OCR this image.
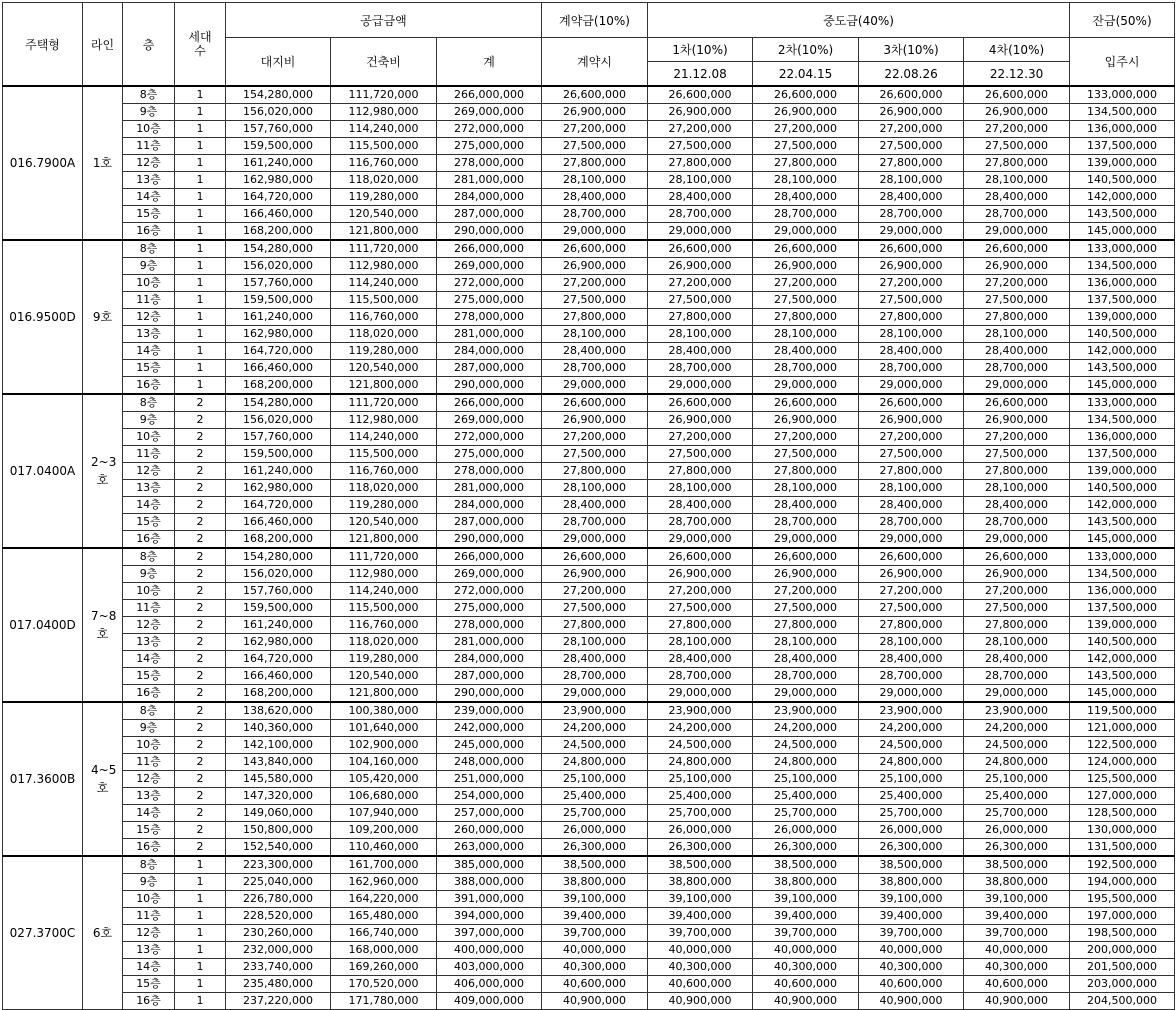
주택형	라인	층	세대수	공급금액			계약금(10%)	중도금(40%)				잔금(50%)
				대지비	건축비	계	계약시	1차(10%)	2차(10%)	3차(10%)	4차(10%)	입주시
								21.12.08	22.04.15	22.08.26	22.12.30	
016.7900A	1호	8층	1	154,280,000	111,720,000	266,000,000	26,600,000	26,600,000	26,600,000	26,600,000	26,600,000	133,000,000
		9층	1	156,020,000	112,980,000	269,000,000	26,900,000	26,900,000	26,900,000	26,900,000	26,900,000	134,500,000
		10층	1	157,760,000	114,240,000	272,000,000	27,200,000	27,200,000	27,200,000	27,200,000	27,200,000	136,000,000
		11층	1	159,500,000	115,500,000	275,000,000	27,500,000	27,500,000	27,500,000	27,500,000	27,500,000	137,500,000
		12층	1	161,240,000	116,760,000	278,000,000	27,800,000	27,800,000	27,800,000	27,800,000	27,800,000	139,000,000
		13층	1	162,980,000	118,020,000	281,000,000	28,100,000	28,100,000	28,100,000	28,100,000	28,100,000	140,500,000
		14층	1	164,720,000	119,280,000	284,000,000	28,400,000	28,400,000	28,400,000	28,400,000	28,400,000	142,000,000
		15층	1	166,460,000	120,540,000	287,000,000	28,700,000	28,700,000	28,700,000	28,700,000	28,700,000	143,500,000
		16층	1	168,200,000	121,800,000	290,000,000	29,000,000	29,000,000	29,000,000	29,000,000	29,000,000	145,000,000
016.9500D	9호	8층	1	154,280,000	111,720,000	266,000,000	26,600,000	26,600,000	26,600,000	26,600,000	26,600,000	133,000,000
		9층	1	156,020,000	112,980,000	269,000,000	26,900,000	26,900,000	26,900,000	26,900,000	26,900,000	134,500,000
		10층	1	157,760,000	114,240,000	272,000,000	27,200,000	27,200,000	27,200,000	27,200,000	27,200,000	136,000,000
		11층	1	159,500,000	115,500,000	275,000,000	27,500,000	27,500,000	27,500,000	27,500,000	27,500,000	137,500,000
		12층	1	161,240,000	116,760,000	278,000,000	27,800,000	27,800,000	27,800,000	27,800,000	27,800,000	139,000,000
		13층	1	162,980,000	118,020,000	281,000,000	28,100,000	28,100,000	28,100,000	28,100,000	28,100,000	140,500,000
		14층	1	164,720,000	119,280,000	284,000,000	28,400,000	28,400,000	28,400,000	28,400,000	28,400,000	142,000,000
		15층	1	166,460,000	120,540,000	287,000,000	28,700,000	28,700,000	28,700,000	28,700,000	28,700,000	143,500,000
		16층	1	168,200,000	121,800,000	290,000,000	29,000,000	29,000,000	29,000,000	29,000,000	29,000,000	145,000,000
017.0400A	2~3호	8층	2	154,280,000	111,720,000	266,000,000	26,600,000	26,600,000	26,600,000	26,600,000	26,600,000	133,000,000
		9층	2	156,020,000	112,980,000	269,000,000	26,900,000	26,900,000	26,900,000	26,900,000	26,900,000	134,500,000
		10층	2	157,760,000	114,240,000	272,000,000	27,200,000	27,200,000	27,200,000	27,200,000	27,200,000	136,000,000
		11층	2	159,500,000	115,500,000	275,000,000	27,500,000	27,500,000	27,500,000	27,500,000	27,500,000	137,500,000
		12층	2	161,240,000	116,760,000	278,000,000	27,800,000	27,800,000	27,800,000	27,800,000	27,800,000	139,000,000
		13층	2	162,980,000	118,020,000	281,000,000	28,100,000	28,100,000	28,100,000	28,100,000	28,100,000	140,500,000
		14층	2	164,720,000	119,280,000	284,000,000	28,400,000	28,400,000	28,400,000	28,400,000	28,400,000	142,000,000
		15층	2	166,460,000	120,540,000	287,000,000	28,700,000	28,700,000	28,700,000	28,700,000	28,700,000	143,500,000
		16층	2	168,200,000	121,800,000	290,000,000	29,000,000	29,000,000	29,000,000	29,000,000	29,000,000	145,000,000
017.0400D	7~8호	8층	2	154,280,000	111,720,000	266,000,000	26,600,000	26,600,000	26,600,000	26,600,000	26,600,000	133,000,000
		9층	2	156,020,000	112,980,000	269,000,000	26,900,000	26,900,000	26,900,000	26,900,000	26,900,000	134,500,000
		10층	2	157,760,000	114,240,000	272,000,000	27,200,000	27,200,000	27,200,000	27,200,000	27,200,000	136,000,000
		11층	2	159,500,000	115,500,000	275,000,000	27,500,000	27,500,000	27,500,000	27,500,000	27,500,000	137,500,000
		12층	2	161,240,000	116,760,000	278,000,000	27,800,000	27,800,000	27,800,000	27,800,000	27,800,000	139,000,000
		13층	2	162,980,000	118,020,000	281,000,000	28,100,000	28,100,000	28,100,000	28,100,000	28,100,000	140,500,000
		14층	2	164,720,000	119,280,000	284,000,000	28,400,000	28,400,000	28,400,000	28,400,000	28,400,000	142,000,000
		15층	2	166,460,000	120,540,000	287,000,000	28,700,000	28,700,000	28,700,000	28,700,000	28,700,000	143,500,000
		16층	2	168,200,000	121,800,000	290,000,000	29,000,000	29,000,000	29,000,000	29,000,000	29,000,000	145,000,000
017.3600B	4~5호	8층	2	138,620,000	100,380,000	239,000,000	23,900,000	23,900,000	23,900,000	23,900,000	23,900,000	119,500,000
		9층	2	140,360,000	101,640,000	242,000,000	24,200,000	24,200,000	24,200,000	24,200,000	24,200,000	121,000,000
		10층	2	142,100,000	102,900,000	245,000,000	24,500,000	24,500,000	24,500,000	24,500,000	24,500,000	122,500,000
		11층	2	143,840,000	104,160,000	248,000,000	24,800,000	24,800,000	24,800,000	24,800,000	24,800,000	124,000,000
		12층	2	145,580,000	105,420,000	251,000,000	25,100,000	25,100,000	25,100,000	25,100,000	25,100,000	125,500,000
		13층	2	147,320,000	106,680,000	254,000,000	25,400,000	25,400,000	25,400,000	25,400,000	25,400,000	127,000,000
		14층	2	149,060,000	107,940,000	257,000,000	25,700,000	25,700,000	25,700,000	25,700,000	25,700,000	128,500,000
		15층	2	150,800,000	109,200,000	260,000,000	26,000,000	26,000,000	26,000,000	26,000,000	26,000,000	130,000,000
		16층	2	152,540,000	110,460,000	263,000,000	26,300,000	26,300,000	26,300,000	26,300,000	26,300,000	131,500,000
027.3700C	6호	8층	1	223,300,000	161,700,000	385,000,000	38,500,000	38,500,000	38,500,000	38,500,000	38,500,000	192,500,000
		9층	1	225,040,000	162,960,000	388,000,000	38,800,000	38,800,000	38,800,000	38,800,000	38,800,000	194,000,000
		10층	1	226,780,000	164,220,000	391,000,000	39,100,000	39,100,000	39,100,000	39,100,000	39,100,000	195,500,000
		11층	1	228,520,000	165,480,000	394,000,000	39,400,000	39,400,000	39,400,000	39,400,000	39,400,000	197,000,000
		12층	1	230,260,000	166,740,000	397,000,000	39,700,000	39,700,000	39,700,000	39,700,000	39,700,000	198,500,000
		13층	1	232,000,000	168,000,000	400,000,000	40,000,000	40,000,000	40,000,000	40,000,000	40,000,000	200,000,000
		14층	1	233,740,000	169,260,000	403,000,000	40,300,000	40,300,000	40,300,000	40,300,000	40,300,000	201,500,000
		15층	1	235,480,000	170,520,000	406,000,000	40,600,000	40,600,000	40,600,000	40,600,000	40,600,000	203,000,000
		16층	1	237,220,000	171,780,000	409,000,000	40,900,000	40,900,000	40,900,000	40,900,000	40,900,000	204,500,000
